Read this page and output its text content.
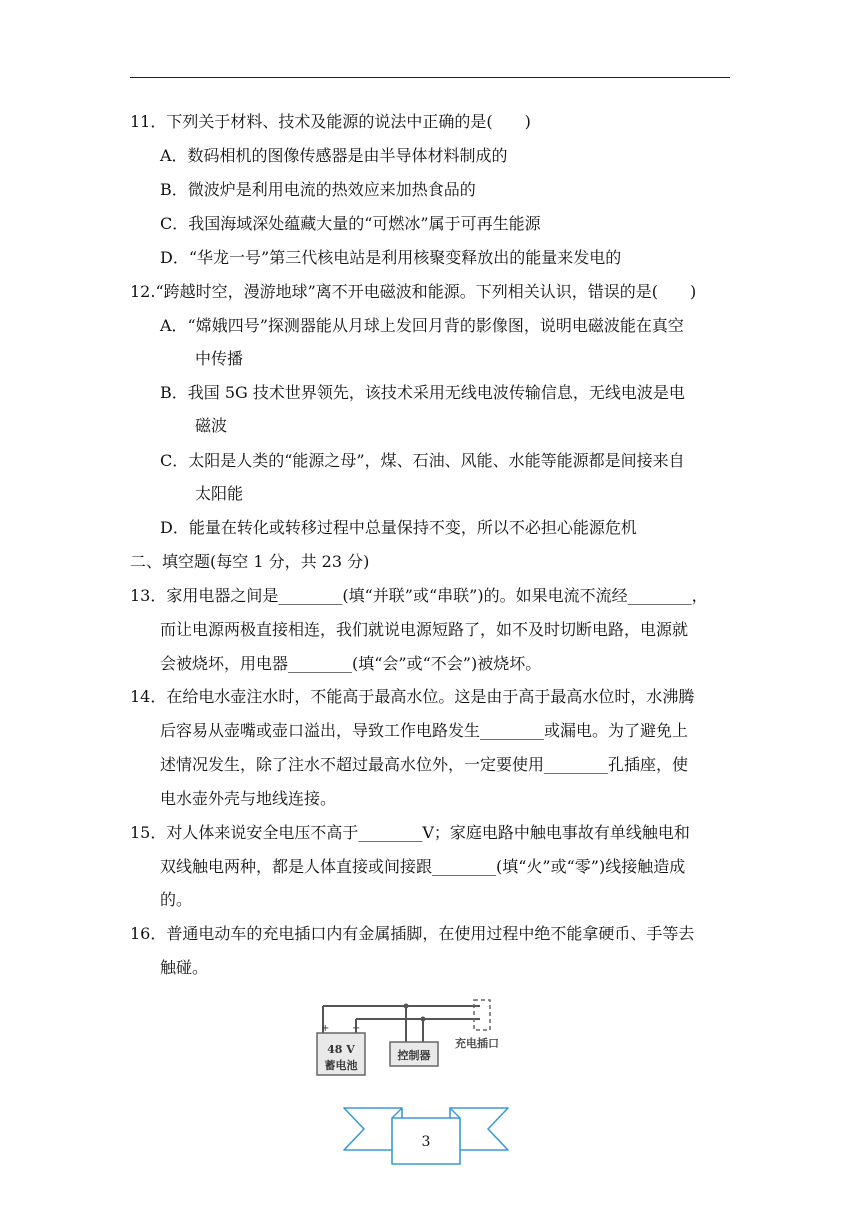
11．下列关于材料、技术及能源的说法中正确的是(　　)
A．数码相机的图像传感器是由半导体材料制成的
B．微波炉是利用电流的热效应来加热食品的
C．我国海域深处蕴藏大量的“可燃冰”属于可再生能源
D．“华龙一号”第三代核电站是利用核聚变释放出的能量来发电的
12.“跨越时空，漫游地球”离不开电磁波和能源。下列相关认识，错误的是(　　)
A．“嫦娥四号”探测器能从月球上发回月背的影像图，说明电磁波能在真空
中传播
B．我国 5G 技术世界领先，该技术采用无线电波传输信息，无线电波是电
磁波
C．太阳是人类的“能源之母”，煤、石油、风能、水能等能源都是间接来自
太阳能
D．能量在转化或转移过程中总量保持不变，所以不必担心能源危机
二、填空题(每空 1 分，共 23 分)
13．家用电器之间是________(填“并联”或“串联”)的。如果电流不流经________，
而让电源两极直接相连，我们就说电源短路了，如不及时切断电路，电源就
会被烧坏，用电器________(填“会”或“不会”)被烧坏。
14．在给电水壶注水时，不能高于最高水位。这是由于高于最高水位时，水沸腾
后容易从壶嘴或壶口溢出，导致工作电路发生________或漏电。为了避免上
述情况发生，除了注水不超过最高水位外，一定要使用________孔插座，使
电水壶外壳与地线连接。
15．对人体来说安全电压不高于________V；家庭电路中触电事故有单线触电和
双线触电两种，都是人体直接或间接跟________(填“火”或“零”)线接触造成
的。
16．普通电动车的充电插口内有金属插脚，在使用过程中绝不能拿硬币、手等去
触碰。
48 V
蓄电池
+ −
控制器
充电插口
3
